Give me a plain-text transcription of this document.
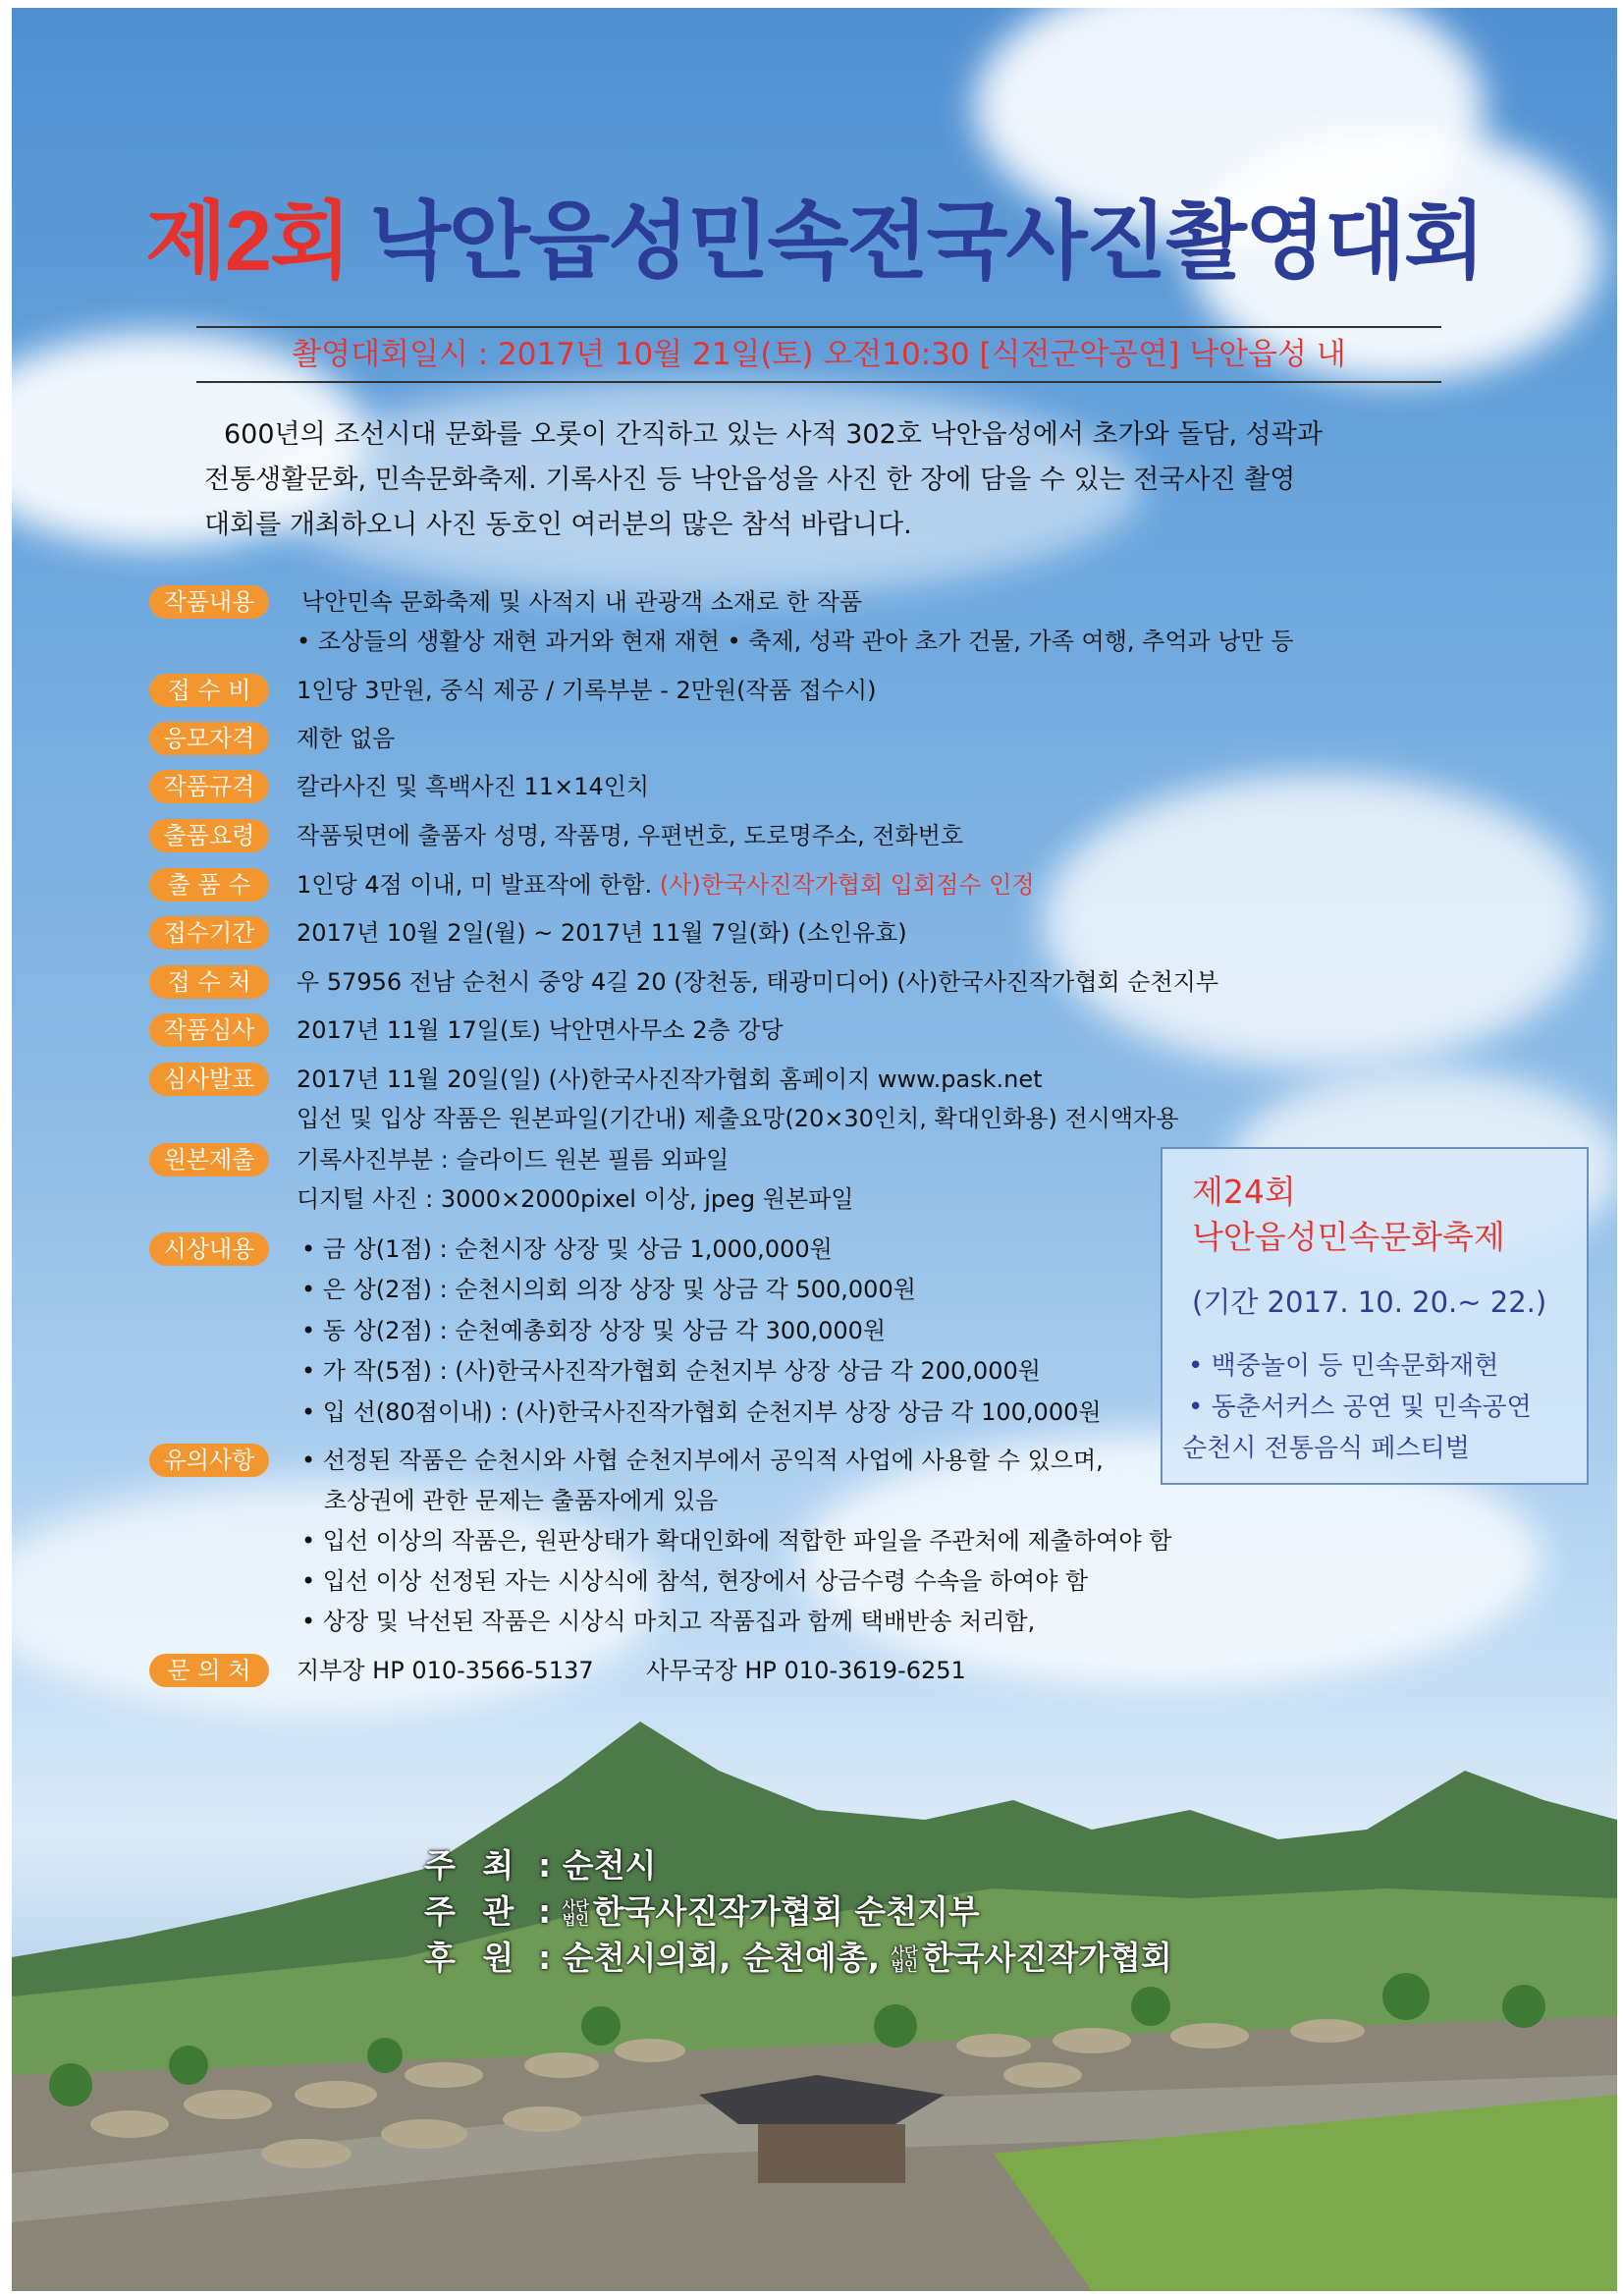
제2회 낙안읍성민속전국사진촬영대회
촬영대회일시 : 2017년 10월 21일(토) 오전10:30 [식전군악공연] 낙안읍성 내
600년의 조선시대 문화를 오롯이 간직하고 있는 사적 302호 낙안읍성에서 초가와 돌담, 성곽과
전통생활문화, 민속문화축제. 기록사진 등 낙안읍성을 사진 한 장에 담을 수 있는 전국사진 촬영
대회를 개최하오니 사진 동호인 여러분의 많은 참석 바랍니다.
작품내용	낙안민속 문화축제 및 사적지 내 관광객 소재로 한 작품
• 조상들의 생활상 재현 과거와 현재 재현 • 축제, 성곽 관아 초가 건물, 가족 여행, 추억과 낭만 등
접 수 비	1인당 3만원, 중식 제공 / 기록부분 - 2만원(작품 접수시)
응모자격	제한 없음
작품규격	칼라사진 및 흑백사진 11×14인치
출품요령	작품뒷면에 출품자 성명, 작품명, 우편번호, 도로명주소, 전화번호
출 품 수	1인당 4점 이내, 미 발표작에 한함. (사)한국사진작가협회 입회점수 인정
접수기간	2017년 10월 2일(월) ~ 2017년 11월 7일(화) (소인유효)
접 수 처	우 57956 전남 순천시 중앙 4길 20 (장천동, 태광미디어) (사)한국사진작가협회 순천지부
작품심사	2017년 11월 17일(토) 낙안면사무소 2층 강당
심사발표	2017년 11월 20일(일) (사)한국사진작가협회 홈페이지 www.pask.net
입선 및 입상 작품은 원본파일(기간내) 제출요망(20×30인치, 확대인화용) 전시액자용
원본제출	기록사진부분 : 슬라이드 원본 필름 외파일
디지털 사진 : 3000×2000pixel 이상, jpeg 원본파일
시상내용	• 금 상(1점) : 순천시장 상장 및 상금 1,000,000원
• 은 상(2점) : 순천시의회 의장 상장 및 상금 각 500,000원
• 동 상(2점) : 순천예총회장 상장 및 상금 각 300,000원
• 가 작(5점) : (사)한국사진작가협회 순천지부 상장 상금 각 200,000원
• 입 선(80점이내) : (사)한국사진작가협회 순천지부 상장 상금 각 100,000원
유의사항	• 선정된 작품은 순천시와 사협 순천지부에서 공익적 사업에 사용할 수 있으며,
초상권에 관한 문제는 출품자에게 있음
• 입선 이상의 작품은, 원판상태가 확대인화에 적합한 파일을 주관처에 제출하여야 함
• 입선 이상 선정된 자는 시상식에 참석, 현장에서 상금수령 수속을 하여야 함
• 상장 및 낙선된 작품은 시상식 마치고 작품집과 함께 택배반송 처리함,
문 의 처	지부장 HP 010-3566-5137       사무국장 HP 010-3619-6251
제24회
낙안읍성민속문화축제
(기간 2017. 10. 20.~ 22.)
• 백중놀이 등 민속문화재현
• 동춘서커스 공연 및 민속공연
순천시 전통음식 페스티벌
주 최 : 순천시
주 관 : 사단
법인 한국사진작가협회 순천지부
후 원 : 순천시의회, 순천예총, 사단
법인 한국사진작가협회
